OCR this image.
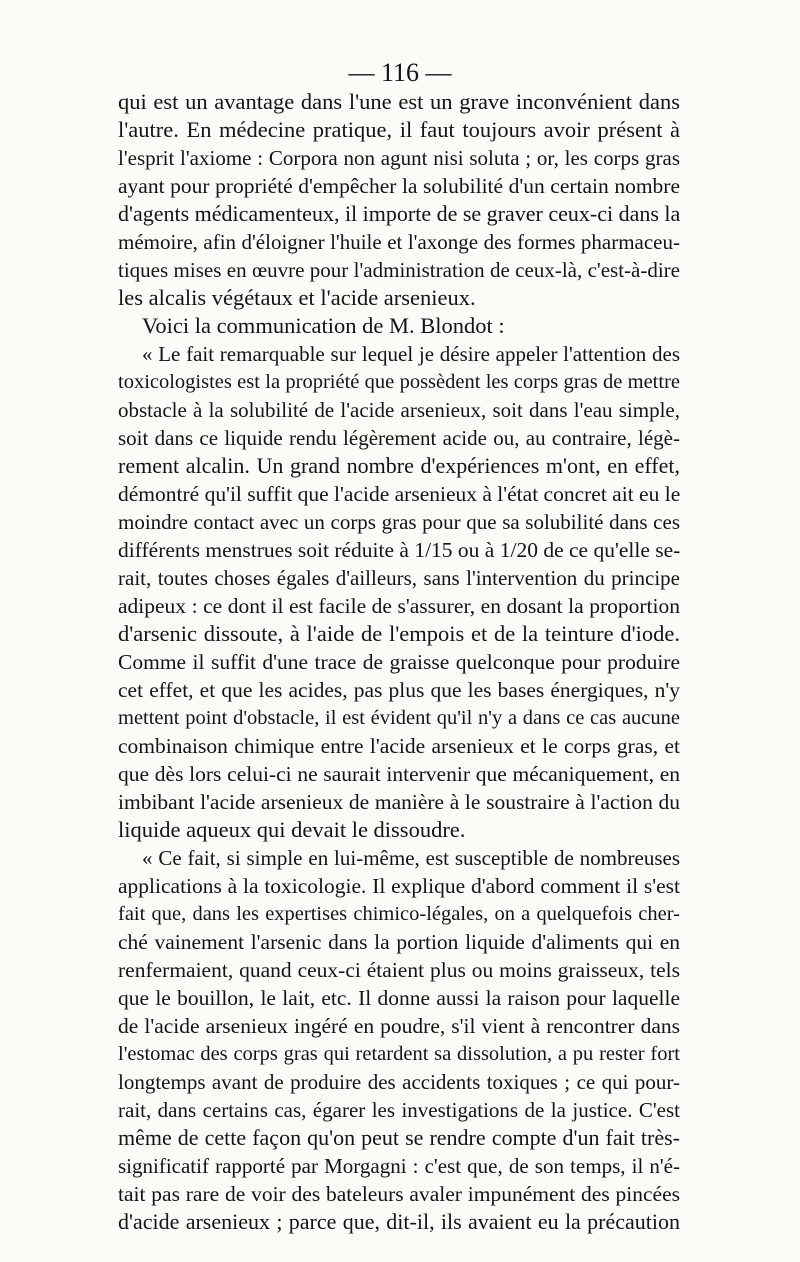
— 116 —
qui est un avantage dans l'une est un grave inconvénient dans
l'autre. En médecine pratique, il faut toujours avoir présent à
l'esprit l'axiome : Corpora non agunt nisi soluta ; or, les corps gras
ayant pour propriété d'empêcher la solubilité d'un certain nombre
d'agents médicamenteux, il importe de se graver ceux-ci dans la
mémoire, afin d'éloigner l'huile et l'axonge des formes pharmaceu-
tiques mises en œuvre pour l'administration de ceux-là, c'est-à-dire
les alcalis végétaux et l'acide arsenieux.
Voici la communication de M. Blondot :
« Le fait remarquable sur lequel je désire appeler l'attention des
toxicologistes est la propriété que possèdent les corps gras de mettre
obstacle à la solubilité de l'acide arsenieux, soit dans l'eau simple,
soit dans ce liquide rendu légèrement acide ou, au contraire, légè-
rement alcalin. Un grand nombre d'expériences m'ont, en effet,
démontré qu'il suffit que l'acide arsenieux à l'état concret ait eu le
moindre contact avec un corps gras pour que sa solubilité dans ces
différents menstrues soit réduite à 1/15 ou à 1/20 de ce qu'elle se-
rait, toutes choses égales d'ailleurs, sans l'intervention du principe
adipeux : ce dont il est facile de s'assurer, en dosant la proportion
d'arsenic dissoute, à l'aide de l'empois et de la teinture d'iode.
Comme il suffit d'une trace de graisse quelconque pour produire
cet effet, et que les acides, pas plus que les bases énergiques, n'y
mettent point d'obstacle, il est évident qu'il n'y a dans ce cas aucune
combinaison chimique entre l'acide arsenieux et le corps gras, et
que dès lors celui-ci ne saurait intervenir que mécaniquement, en
imbibant l'acide arsenieux de manière à le soustraire à l'action du
liquide aqueux qui devait le dissoudre.
« Ce fait, si simple en lui-même, est susceptible de nombreuses
applications à la toxicologie. Il explique d'abord comment il s'est
fait que, dans les expertises chimico-légales, on a quelquefois cher-
ché vainement l'arsenic dans la portion liquide d'aliments qui en
renfermaient, quand ceux-ci étaient plus ou moins graisseux, tels
que le bouillon, le lait, etc. Il donne aussi la raison pour laquelle
de l'acide arsenieux ingéré en poudre, s'il vient à rencontrer dans
l'estomac des corps gras qui retardent sa dissolution, a pu rester fort
longtemps avant de produire des accidents toxiques ; ce qui pour-
rait, dans certains cas, égarer les investigations de la justice. C'est
même de cette façon qu'on peut se rendre compte d'un fait très-
significatif rapporté par Morgagni : c'est que, de son temps, il n'é-
tait pas rare de voir des bateleurs avaler impunément des pincées
d'acide arsenieux ; parce que, dit-il, ils avaient eu la précaution
